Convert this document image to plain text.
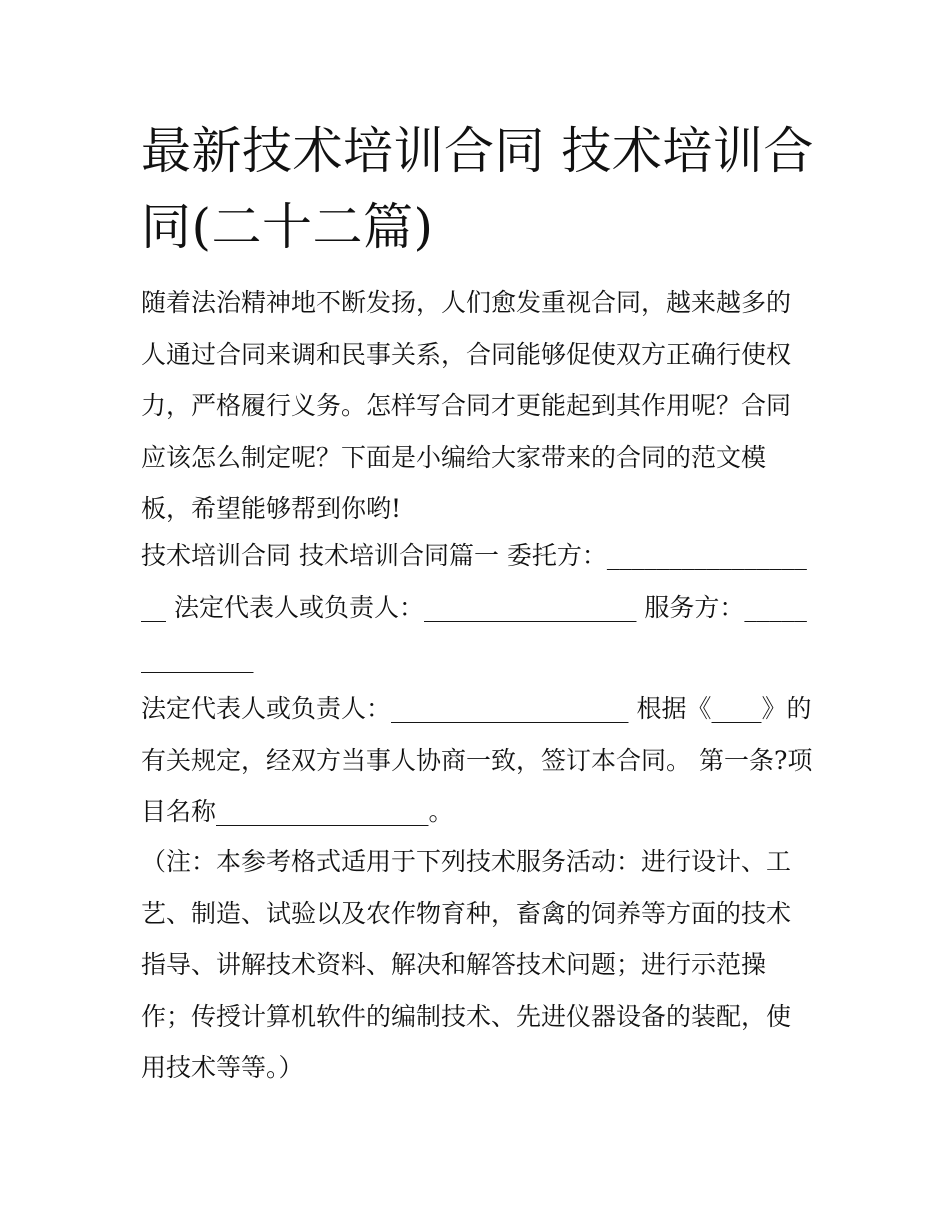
最新技术培训合同 技术培训合同(二十二篇)

随着法治精神地不断发扬，人们愈发重视合同，越来越多的人通过合同来调和民事关系，合同能够促使双方正确行使权力，严格履行义务。怎样写合同才更能起到其作用呢？合同应该怎么制定呢？下面是小编给大家带来的合同的范文模板，希望能够帮到你哟!

技术培训合同 技术培训合同篇一 委托方：__________________ 法定代表人或负责人：_________________ 服务方：______________

法定代表人或负责人：___________________ 根据《____》的有关规定，经双方当事人协商一致，签订本合同。 第一条?项目名称_________________。

（注：本参考格式适用于下列技术服务活动：进行设计、工艺、制造、试验以及农作物育种，畜禽的饲养等方面的技术指导、讲解技术资料、解决和解答技术问题；进行示范操作；传授计算机软件的编制技术、先进仪器设备的装配，使用技术等等。）
